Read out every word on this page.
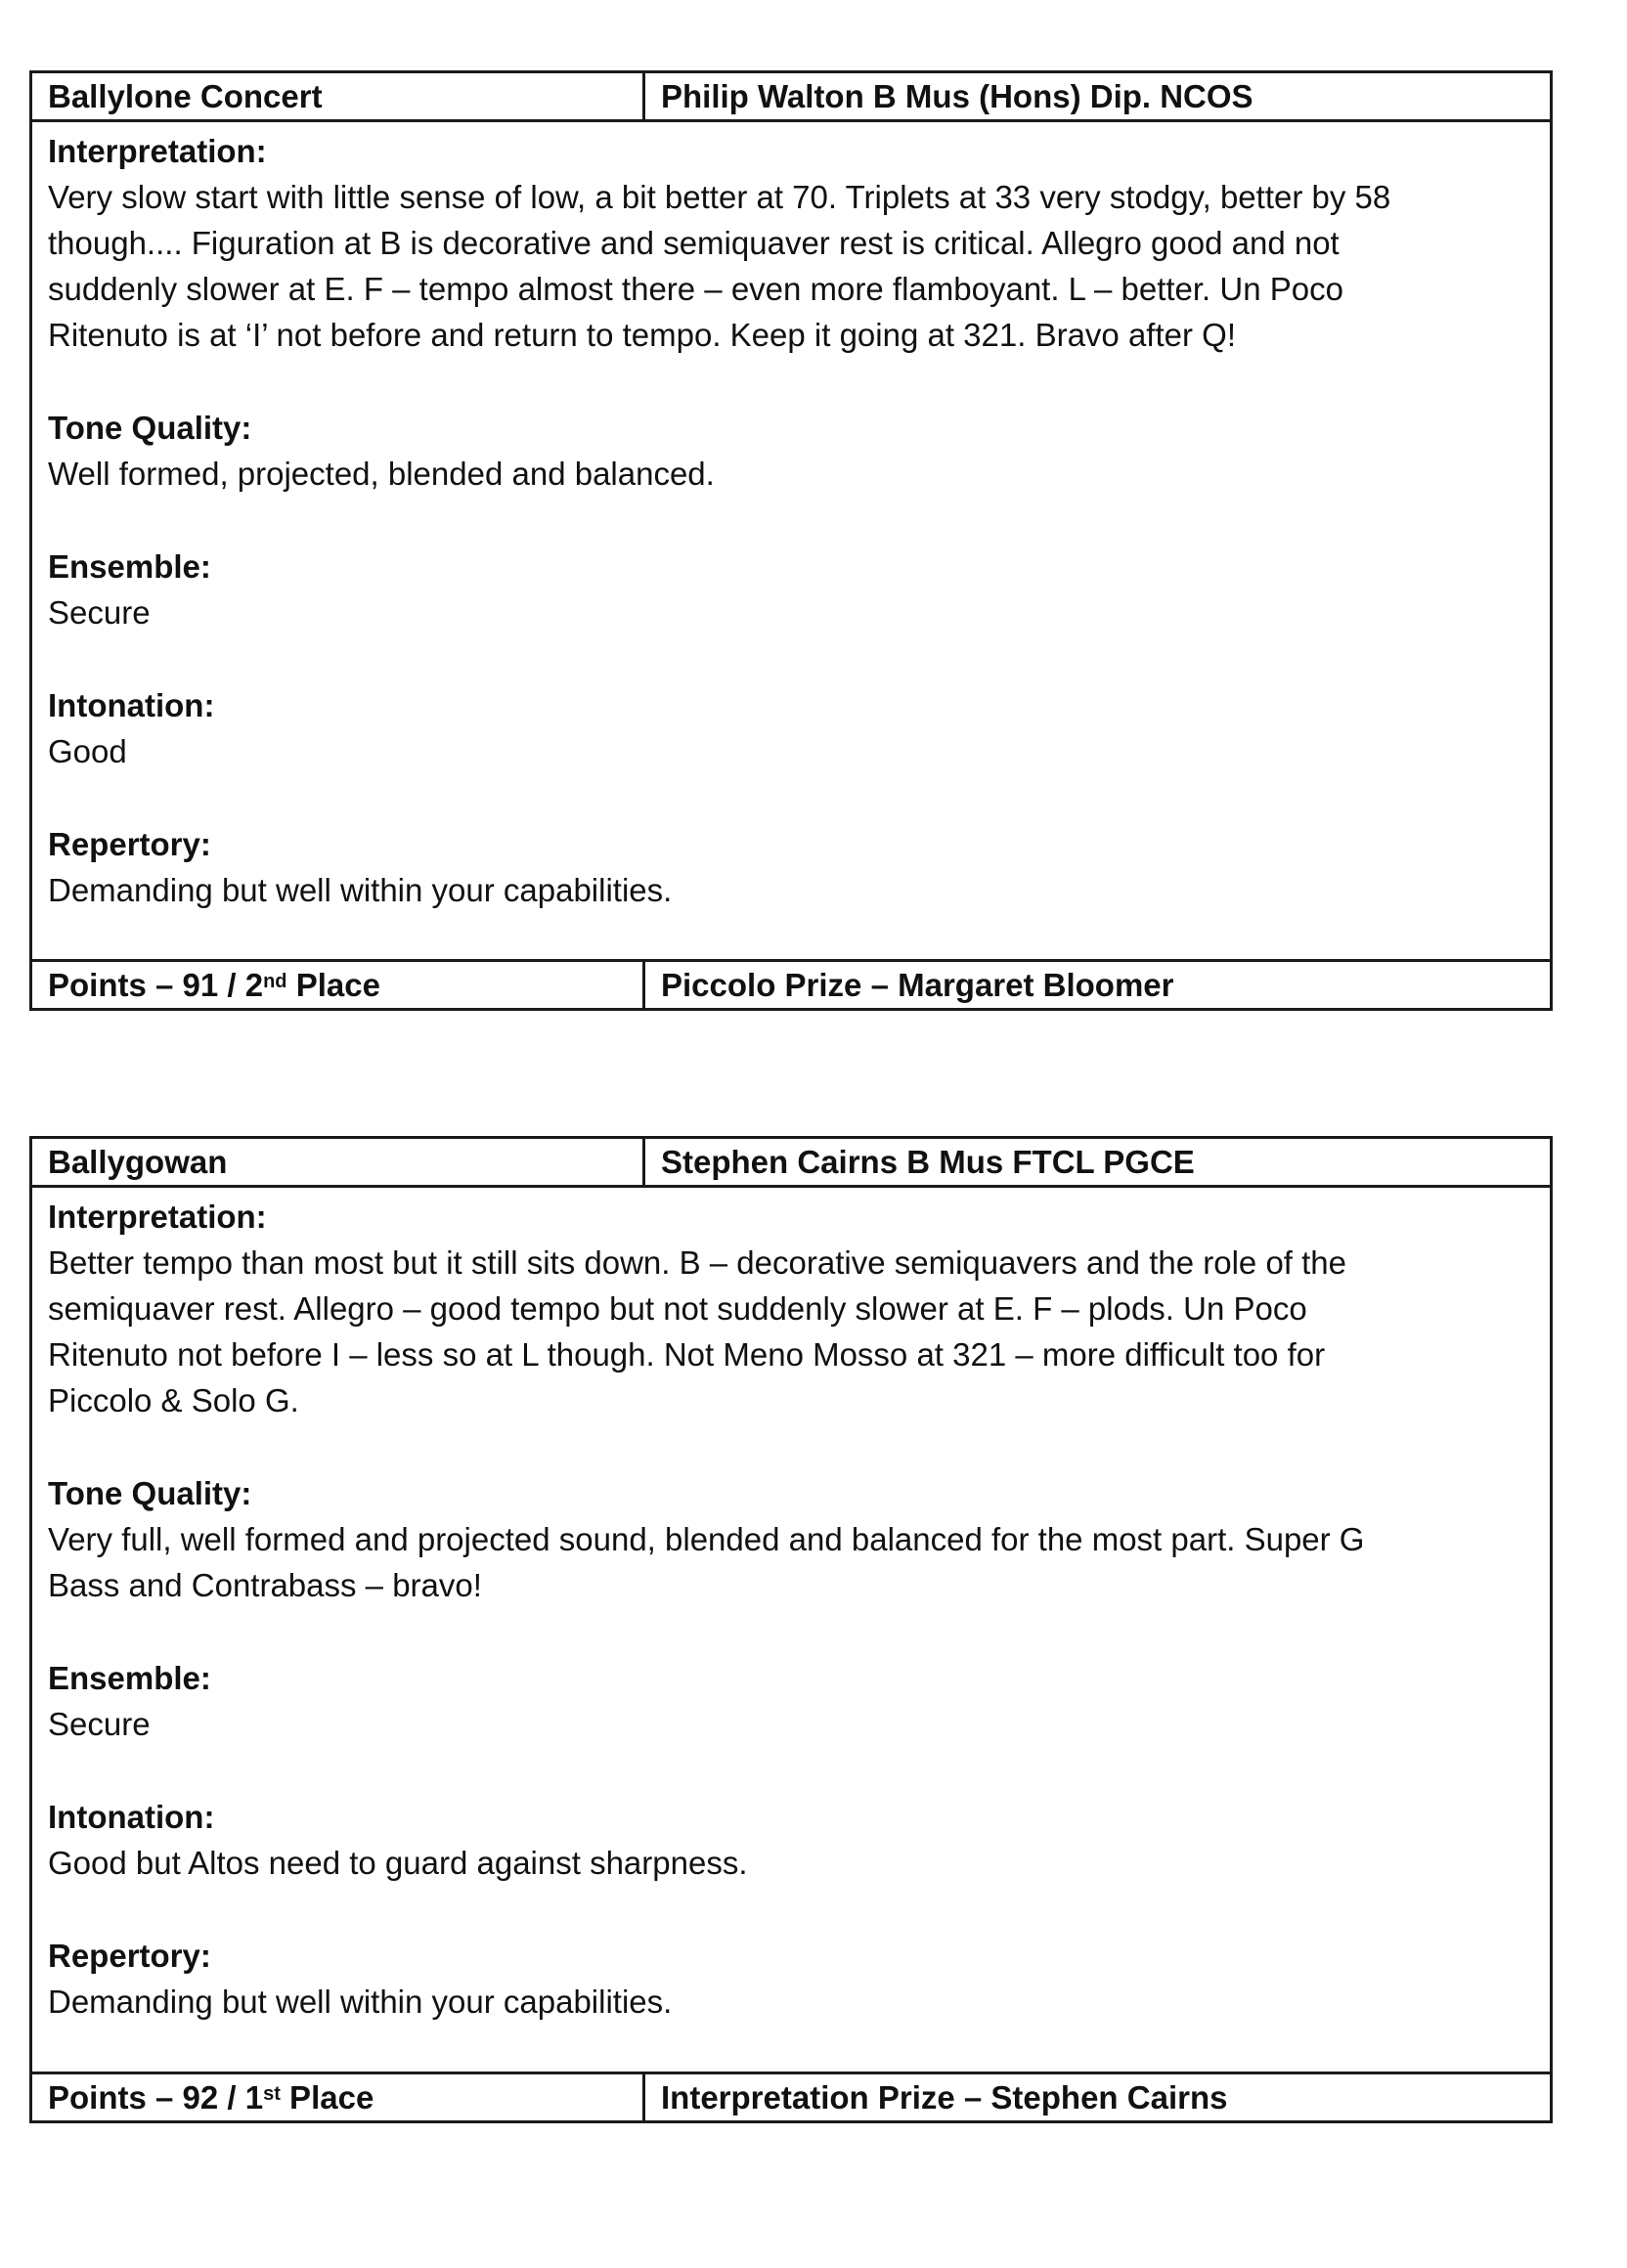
Ballylone Concert	Philip Walton B Mus (Hons) Dip. NCOS
Interpretation:
Very slow start with little sense of low, a bit better at 70. Triplets at 33 very stodgy, better by 58
though.... Figuration at B is decorative and semiquaver rest is critical. Allegro good and not
suddenly slower at E. F – tempo almost there – even more flamboyant. L – better. Un Poco
Ritenuto is at ‘I’ not before and return to tempo. Keep it going at 321. Bravo after Q!
Tone Quality:
Well formed, projected, blended and balanced.
Ensemble:
Secure
Intonation:
Good
Repertory:
Demanding but well within your capabilities.
Points – 91 / 2nd Place	Piccolo Prize – Margaret Bloomer
Ballygowan	Stephen Cairns B Mus FTCL PGCE
Interpretation:
Better tempo than most but it still sits down. B – decorative semiquavers and the role of the
semiquaver rest. Allegro – good tempo but not suddenly slower at E. F – plods. Un Poco
Ritenuto not before I – less so at L though. Not Meno Mosso at 321 – more difficult too for
Piccolo & Solo G.
Tone Quality:
Very full, well formed and projected sound, blended and balanced for the most part. Super G
Bass and Contrabass – bravo!
Ensemble:
Secure
Intonation:
Good but Altos need to guard against sharpness.
Repertory:
Demanding but well within your capabilities.
Points – 92 / 1st Place	Interpretation Prize – Stephen Cairns
